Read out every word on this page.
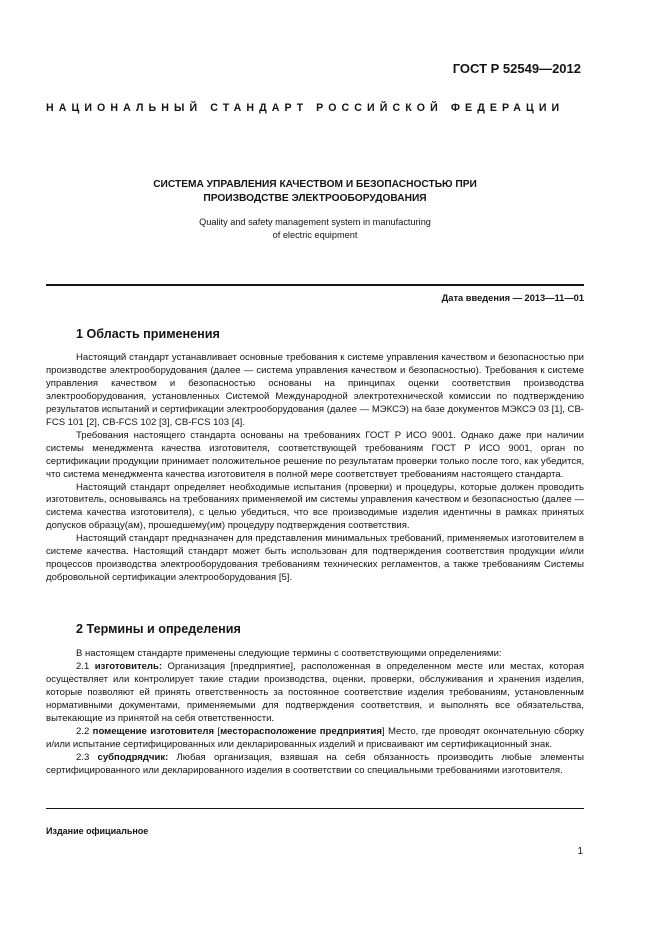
ГОСТ Р 52549—2012
НАЦИОНАЛЬНЫЙ СТАНДАРТ РОССИЙСКОЙ ФЕДЕРАЦИИ
СИСТЕМА УПРАВЛЕНИЯ КАЧЕСТВОМ И БЕЗОПАСНОСТЬЮ ПРИ
ПРОИЗВОДСТВЕ ЭЛЕКТРООБОРУДОВАНИЯ
Quality and safety management system in manufacturing
of electric equipment
Дата введения — 2013—11—01
1 Область применения

Настоящий стандарт устанавливает основные требования к системе управления качеством и безопасностью при производстве электрооборудования (далее — система управления качеством и безопасностью). Требования к системе управления качеством и безопасностью основаны на принципах оценки соответствия производства электрооборудования, установленных Системой Международной электротехнической комиссии по подтверждению результатов испытаний и сертификации электрооборудования (далее — МЭКСЭ) на базе документов МЭКСЭ 03 [1], CB-FCS 101 [2], CB-FCS 102 [3], CB-FCS 103 [4].

Требования настоящего стандарта основаны на требованиях ГОСТ Р ИСО 9001. Однако даже при наличии системы менеджмента качества изготовителя, соответствующей требованиям ГОСТ Р ИСО 9001, орган по сертификации продукции принимает положительное решение по результатам проверки только после того, как убедится, что система менеджмента качества изготовителя в полной мере соответствует требованиям настоящего стандарта.

Настоящий стандарт определяет необходимые испытания (проверки) и процедуры, которые должен проводить изготовитель, основываясь на требованиях применяемой им системы управления качеством и безопасностью (далее — система качества изготовителя), с целью убедиться, что все производимые изделия идентичны в рамках принятых допусков образцу(ам), прошедшему(им) процедуру подтверждения соответствия.

Настоящий стандарт предназначен для представления минимальных требований, применяемых изготовителем в системе качества. Настоящий стандарт может быть использован для подтверждения соответствия продукции и/или процессов производства электрооборудования требованиям технических регламентов, а также требованиям Системы добровольной сертификации электрооборудования [5].

2 Термины и определения

В настоящем стандарте применены следующие термины с соответствующими определениями:

2.1 изготовитель: Организация [предприятие], расположенная в определенном месте или местах, которая осуществляет или контролирует такие стадии производства, оценки, проверки, обслуживания и хранения изделия, которые позволяют ей принять ответственность за постоянное соответствие изделия требованиям, установленным нормативными документами, применяемыми для подтверждения соответствия, и выполнять все обязательства, вытекающие из принятой на себя ответственности.

2.2 помещение изготовителя [месторасположение предприятия] Место, где проводят окончательную сборку и/или испытание сертифицированных или декларированных изделий и присваивают им сертификационный знак.

2.3 субподрядчик: Любая организация, взявшая на себя обязанность производить любые элементы сертифицированного или декларированного изделия в соответствии со специальными требованиями изготовителя.

Издание официальное
1
